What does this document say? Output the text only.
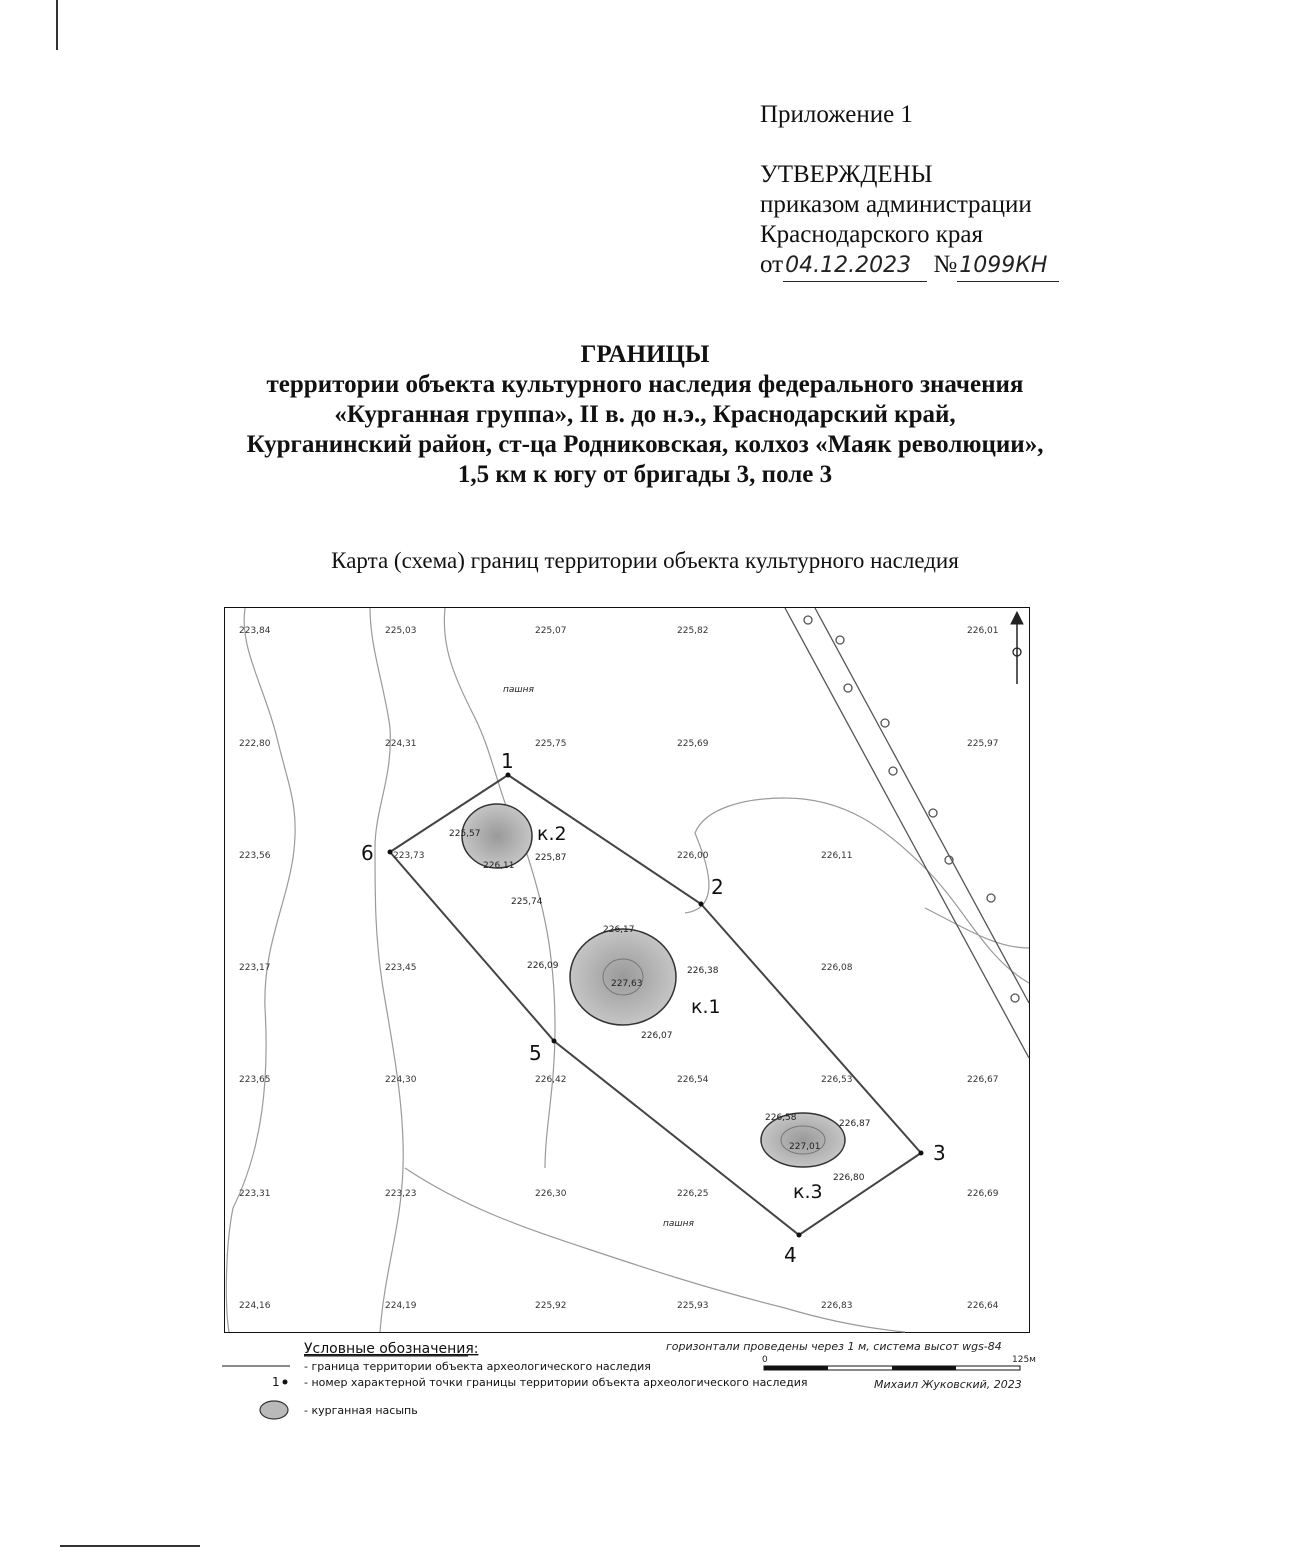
Приложение 1
УТВЕРЖДЕНЫ
приказом администрации
Краснодарского края
от04.12.2023 №1099КН
ГРАНИЦЫ
территории объекта культурного наследия федерального значения
«Курганная группа», II в. до н.э., Краснодарский край,
Курганинский район, ст-ца Родниковская, колхоз «Маяк революции»,
1,5 км к югу от бригады 3, поле 3
Карта (схема) границ территории объекта культурного наследия
1
2
3
4
5
6
к.1
к.2
к.3
227,63
226,11
227,01
226,17
226,09	226,38
226,07
225,57
225,87
225,74
226,58
226,87
226,80
пашня
пашня
223,84	225,03	225,07	225,82	226,01
222,80	224,31	225,75	225,69	225,97
223,56	223,73	226,00	226,11
223,17	223,45	226,08
223,65	224,30	226,42	226,54	226,53	226,67
223,31	223,23	226,30	226,25	226,69
224,16	224,19	225,92	225,93	226,83	226,64
Условные обозначения:
- граница территории объекта археологического наследия
1 - номер характерной точки границы территории объекта археологического наследия
- курганная насыпь
горизонтали проведены через 1 м, система высот wgs-84
0	125м
Михаил Жуковский, 2023
